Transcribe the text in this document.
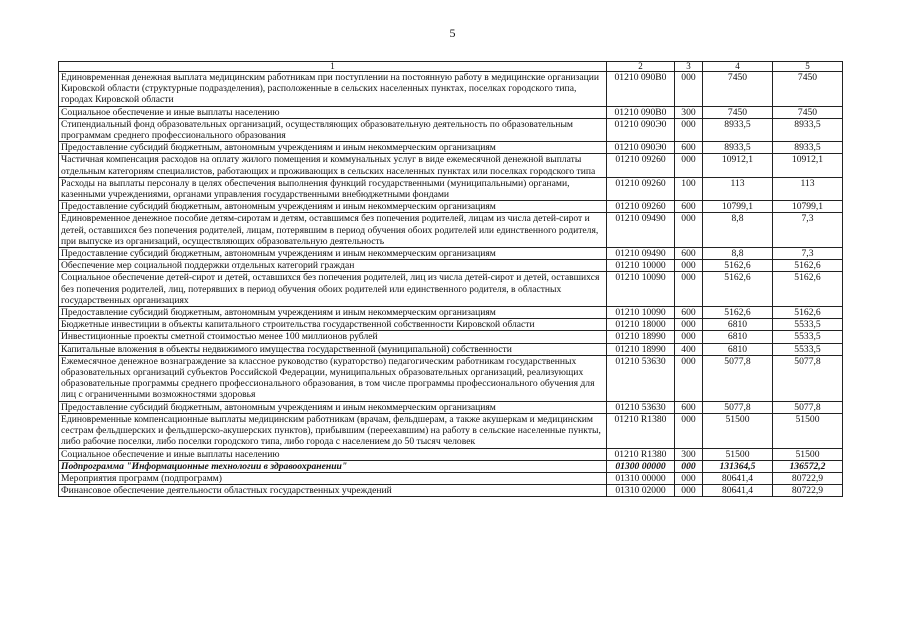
5
1	2	3	4	5
Единовременная денежная выплата медицинским работникам при поступлении на постоянную работу в медицинские организации Кировской области (структурные подразделения), расположенные в сельских населенных пунктах, поселках городского типа, городах Кировской области	01210 090В0	000	7450	7450
Социальное обеспечение и иные выплаты населению	01210 090В0	300	7450	7450
Стипендиальный фонд образовательных организаций, осуществляющих образовательную деятельность по образовательным программам среднего профессионального образования	01210 090Э0	000	8933,5	8933,5
Предоставление субсидий бюджетным, автономным учреждениям и иным некоммерческим организациям	01210 090Э0	600	8933,5	8933,5
Частичная компенсация расходов на оплату жилого помещения и коммунальных услуг в виде ежемесячной денежной выплаты отдельным категориям специалистов, работающих и проживающих в сельских населенных пунктах или поселках городского типа	01210 09260	000	10912,1	10912,1
Расходы на выплаты персоналу в целях обеспечения выполнения функций государственными (муниципальными) органами, казенными учреждениями, органами управления государственными внебюджетными фондами	01210 09260	100	113	113
Предоставление субсидий бюджетным, автономным учреждениям и иным некоммерческим организациям	01210 09260	600	10799,1	10799,1
Единовременное денежное пособие детям-сиротам и детям, оставшимся без попечения родителей, лицам из числа детей-сирот и детей, оставшихся без попечения родителей, лицам, потерявшим в период обучения обоих родителей или единственного родителя, при выпуске из организаций, осуществляющих образовательную деятельность	01210 09490	000	8,8	7,3
Предоставление субсидий бюджетным, автономным учреждениям и иным некоммерческим организациям	01210 09490	600	8,8	7,3
Обеспечение мер социальной поддержки отдельных категорий граждан	01210 10000	000	5162,6	5162,6
Социальное обеспечение детей-сирот и детей, оставшихся без попечения родителей, лиц из числа детей-сирот и детей, оставшихся без попечения родителей, лиц, потерявших в период обучения обоих родителей или единственного родителя, в областных государственных организациях	01210 10090	000	5162,6	5162,6
Предоставление субсидий бюджетным, автономным учреждениям и иным некоммерческим организациям	01210 10090	600	5162,6	5162,6
Бюджетные инвестиции в объекты капитального строительства государственной собственности Кировской области	01210 18000	000	6810	5533,5
Инвестиционные проекты сметной стоимостью менее 100 миллионов рублей	01210 18990	000	6810	5533,5
Капитальные вложения в объекты недвижимого имущества государственной (муниципальной) собственности	01210 18990	400	6810	5533,5
Ежемесячное денежное вознаграждение за классное руководство (кураторство) педагогическим работникам государственных образовательных организаций субъектов Российской Федерации, муниципальных образовательных организаций, реализующих образовательные программы среднего профессионального образования, в том числе программы профессионального обучения для лиц с ограниченными возможностями здоровья	01210 53630	000	5077,8	5077,8
Предоставление субсидий бюджетным, автономным учреждениям и иным некоммерческим организациям	01210 53630	600	5077,8	5077,8
Единовременные компенсационные выплаты медицинским работникам (врачам, фельдшерам, а также акушеркам и медицинским сестрам фельдшерских и фельдшерско-акушерских пунктов), прибывшим (переехавшим) на работу в сельские населенные пункты, либо рабочие поселки, либо поселки городского типа, либо города с населением до 50 тысяч человек	01210 R1380	000	51500	51500
Социальное обеспечение и иные выплаты населению	01210 R1380	300	51500	51500
Подпрограмма "Информационные технологии в здравоохранении"	01300 00000	000	131364,5	136572,2
Мероприятия программ (подпрограмм)	01310 00000	000	80641,4	80722,9
Финансовое обеспечение деятельности областных государственных учреждений	01310 02000	000	80641,4	80722,9
